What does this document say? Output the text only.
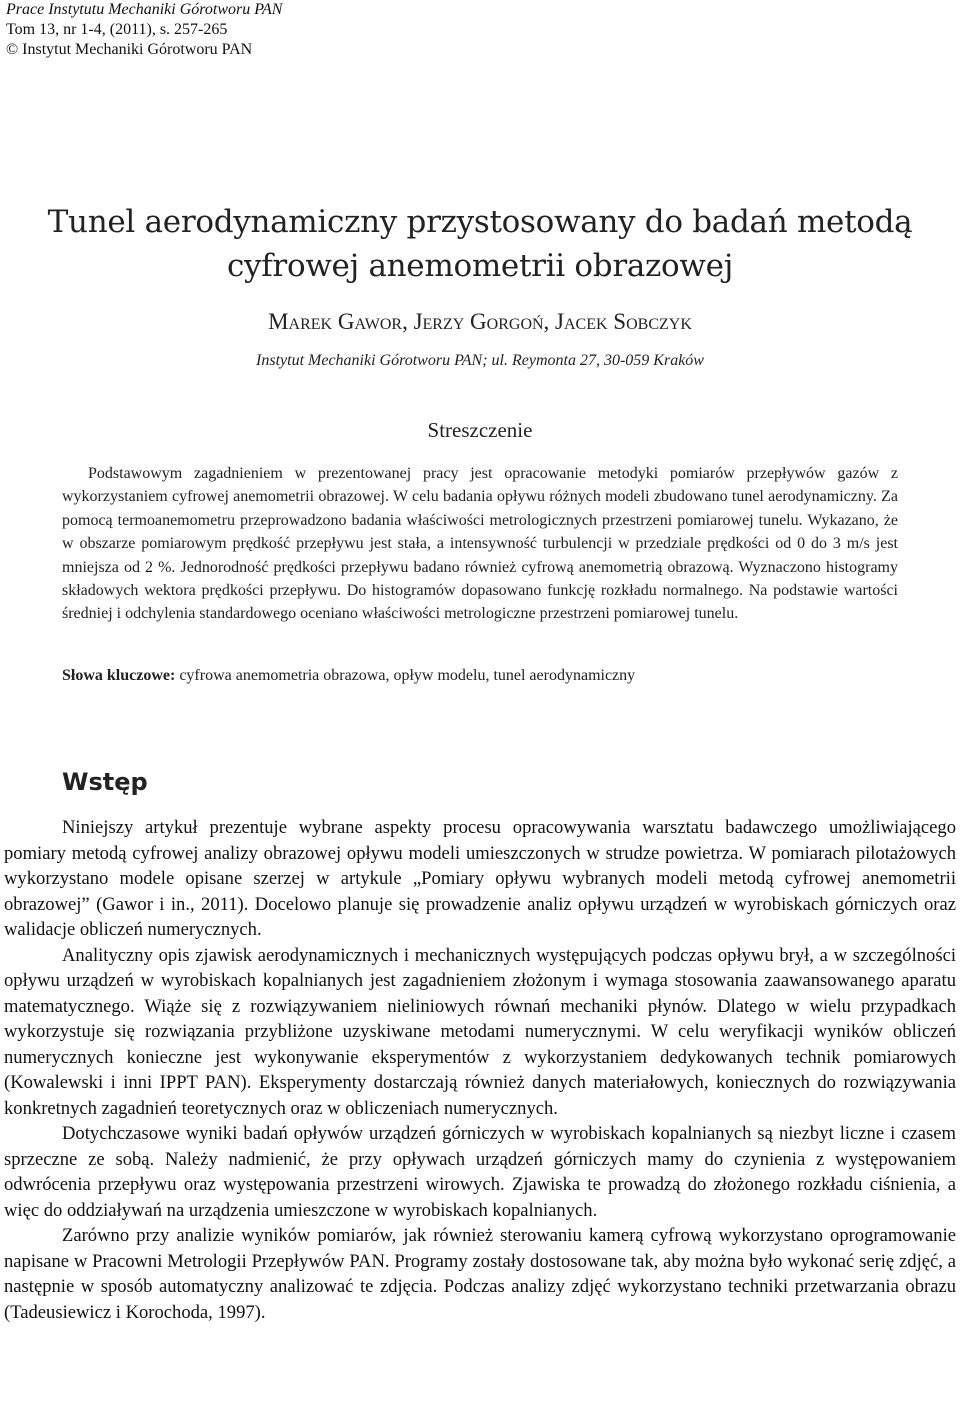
Prace Instytutu Mechaniki Górotworu PAN
Tom 13, nr 1-4, (2011), s. 257-265
© Instytut Mechaniki Górotworu PAN
Tunel aerodynamiczny przystosowany do badań metodą
cyfrowej anemometrii obrazowej
Marek Gawor, Jerzy Gorgoń, Jacek Sobczyk
Instytut Mechaniki Górotworu PAN; ul. Reymonta 27, 30-059 Kraków
Streszczenie

Podstawowym zagadnieniem w prezentowanej pracy jest opracowanie metodyki pomiarów przepływów gazów z wykorzystaniem cyfrowej anemometrii obrazowej. W celu badania opływu różnych modeli zbudowano tunel aerodynamiczny. Za pomocą termoanemometru przeprowadzono badania właściwości metrologicznych przestrzeni pomiarowej tunelu. Wykazano, że w obszarze pomiarowym prędkość przepływu jest stała, a intensywność turbulencji w przedziale prędkości od 0 do 3 m/s jest mniejsza od 2 %. Jednorodność prędkości przepływu badano również cyfrową anemometrią obrazową. Wyznaczono histogramy składowych wektora prędkości przepływu. Do histogramów dopasowano funkcję rozkładu normalnego. Na podstawie wartości średniej i odchylenia standardowego oceniano właściwości metrologiczne przestrzeni pomiarowej tunelu.

Słowa kluczowe: cyfrowa anemometria obrazowa, opływ modelu, tunel aerodynamiczny
Wstęp

Niniejszy artykuł prezentuje wybrane aspekty procesu opracowywania warsztatu badawczego umożliwiającego pomiary metodą cyfrowej analizy obrazowej opływu modeli umieszczonych w strudze powietrza. W pomiarach pilotażowych wykorzystano modele opisane szerzej w artykule „Pomiary opływu wybranych modeli metodą cyfrowej anemometrii obrazowej” (Gawor i in., 2011). Docelowo planuje się prowadzenie analiz opływu urządzeń w wyrobiskach górniczych oraz walidacje obliczeń numerycznych.

Analityczny opis zjawisk aerodynamicznych i mechanicznych występujących podczas opływu brył, a w szczególności opływu urządzeń w wyrobiskach kopalnianych jest zagadnieniem złożonym i wymaga stosowania zaawansowanego aparatu matematycznego. Wiąże się z rozwiązywaniem nieliniowych równań mechaniki płynów. Dlatego w wielu przypadkach wykorzystuje się rozwiązania przybliżone uzyskiwane metodami numerycznymi. W celu weryfikacji wyników obliczeń numerycznych konieczne jest wykonywanie eksperymentów z wykorzystaniem dedykowanych technik pomiarowych (Kowalewski i inni IPPT PAN). Eksperymenty dostarczają również danych materiałowych, koniecznych do rozwiązywania konkretnych zagadnień teoretycznych oraz w obliczeniach numerycznych.

Dotychczasowe wyniki badań opływów urządzeń górniczych w wyrobiskach kopalnianych są niezbyt liczne i czasem sprzeczne ze sobą. Należy nadmienić, że przy opływach urządzeń górniczych mamy do czynienia z występowaniem odwrócenia przepływu oraz występowania przestrzeni wirowych. Zjawiska te prowadzą do złożonego rozkładu ciśnienia, a więc do oddziaływań na urządzenia umieszczone w wyrobiskach kopalnianych.

Zarówno przy analizie wyników pomiarów, jak również sterowaniu kamerą cyfrową wykorzystano oprogramowanie napisane w Pracowni Metrologii Przepływów PAN. Programy zostały dostosowane tak, aby można było wykonać serię zdjęć, a następnie w sposób automatyczny analizować te zdjęcia. Podczas analizy zdjęć wykorzystano techniki przetwarzania obrazu (Tadeusiewicz i Korochoda, 1997).
